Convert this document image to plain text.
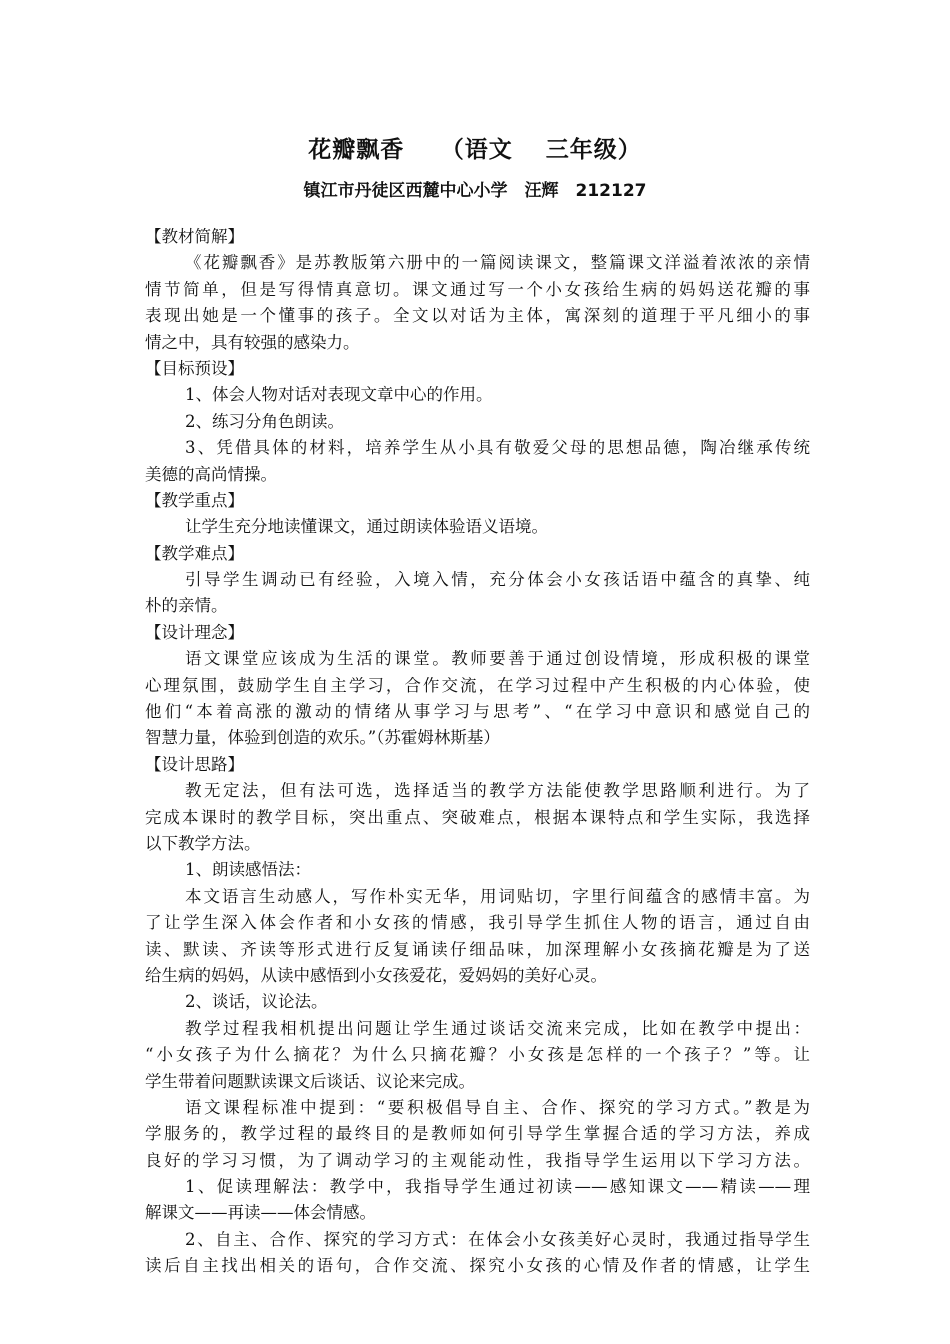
花瓣飘香　　（语文　 三年级）
镇江市丹徒区西麓中心小学　汪辉　212127
【教材简解】
《花瓣飘香》是苏教版第六册中的一篇阅读课文，整篇课文洋溢着浓浓的亲情
情节简单，但是写得情真意切。课文通过写一个小女孩给生病的妈妈送花瓣的事
表现出她是一个懂事的孩子。全文以对话为主体，寓深刻的道理于平凡细小的事
情之中，具有较强的感染力。
【目标预设】
1、体会人物对话对表现文章中心的作用。
2、练习分角色朗读。
3、凭借具体的材料，培养学生从小具有敬爱父母的思想品德，陶冶继承传统
美德的高尚情操。
【教学重点】
让学生充分地读懂课文，通过朗读体验语义语境。
【教学难点】
引导学生调动已有经验，入境入情，充分体会小女孩话语中蕴含的真挚、纯
朴的亲情。
【设计理念】
语文课堂应该成为生活的课堂。教师要善于通过创设情境，形成积极的课堂
心理氛围，鼓励学生自主学习，合作交流，在学习过程中产生积极的内心体验，使
他们“本着高涨的激动的情绪从事学习与思考”、“在学习中意识和感觉自己的
智慧力量，体验到创造的欢乐。”（苏霍姆林斯基）
【设计思路】
教无定法，但有法可选，选择适当的教学方法能使教学思路顺利进行。为了
完成本课时的教学目标，突出重点、突破难点，根据本课特点和学生实际，我选择
以下教学方法。
1、朗读感悟法：
本文语言生动感人，写作朴实无华，用词贴切，字里行间蕴含的感情丰富。为
了让学生深入体会作者和小女孩的情感，我引导学生抓住人物的语言，通过自由
读、默读、齐读等形式进行反复诵读仔细品味，加深理解小女孩摘花瓣是为了送
给生病的妈妈，从读中感悟到小女孩爱花，爱妈妈的美好心灵。
2、谈话，议论法。
教学过程我相机提出问题让学生通过谈话交流来完成，比如在教学中提出：
“小女孩子为什么摘花？为什么只摘花瓣？小女孩是怎样的一个孩子？”等。让
学生带着问题默读课文后谈话、议论来完成。
语文课程标准中提到：“要积极倡导自主、合作、探究的学习方式。”教是为
学服务的，教学过程的最终目的是教师如何引导学生掌握合适的学习方法，养成
良好的学习习惯，为了调动学习的主观能动性，我指导学生运用以下学习方法。
1、促读理解法：教学中，我指导学生通过初读——感知课文——精读——理
解课文——再读——体会情感。
2、自主、合作、探究的学习方式：在体会小女孩美好心灵时，我通过指导学生
读后自主找出相关的语句，合作交流、探究小女孩的心情及作者的情感，让学生
